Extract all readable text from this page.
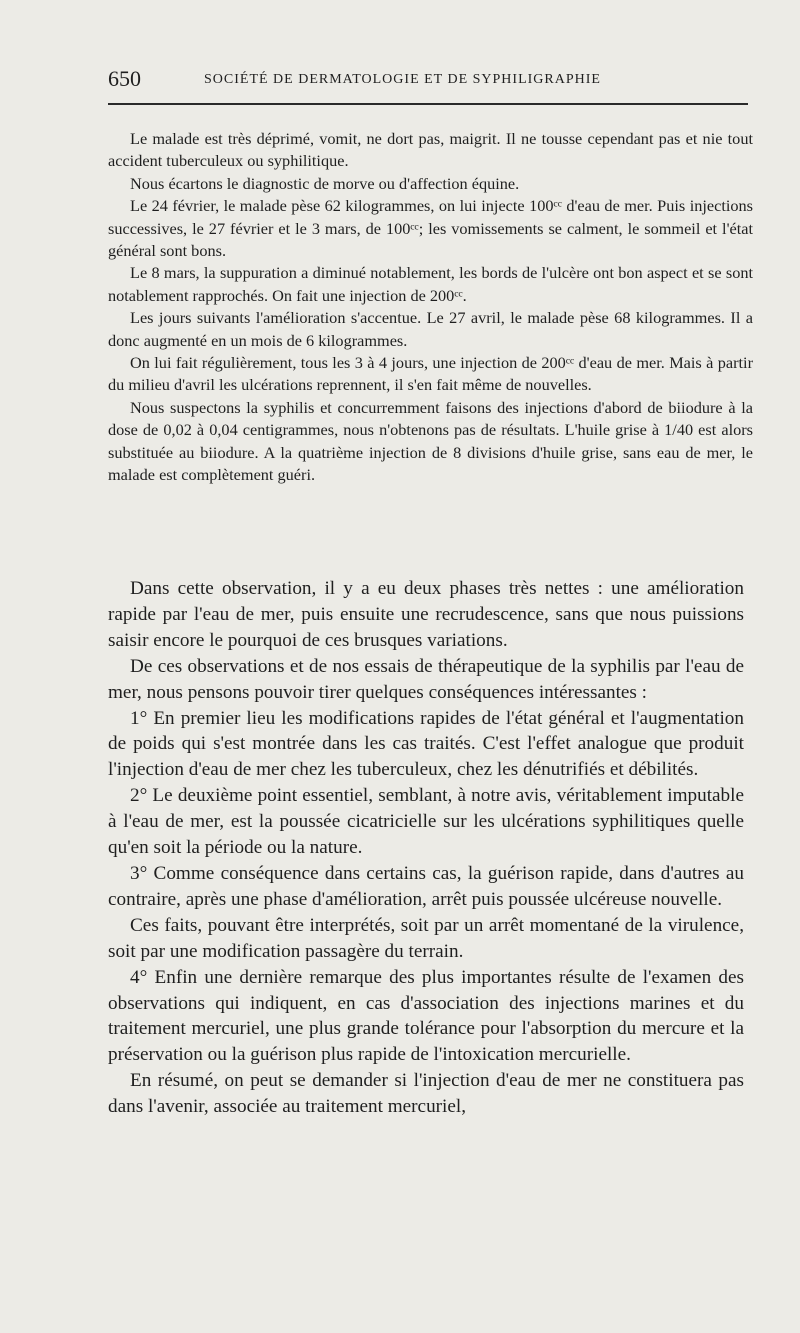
650	SOCIÉTÉ DE DERMATOLOGIE ET DE SYPHILIGRAPHIE

Le malade est très déprimé, vomit, ne dort pas, maigrit. Il ne tousse cependant pas et nie tout accident tuberculeux ou syphilitique.

Nous écartons le diagnostic de morve ou d'affection équine.

Le 24 février, le malade pèse 62 kilogrammes, on lui injecte 100ᶜᶜ d'eau de mer. Puis injections successives, le 27 février et le 3 mars, de 100ᶜᶜ; les vomissements se calment, le sommeil et l'état général sont bons.

Le 8 mars, la suppuration a diminué notablement, les bords de l'ulcère ont bon aspect et se sont notablement rapprochés. On fait une injection de 200ᶜᶜ.

Les jours suivants l'amélioration s'accentue. Le 27 avril, le malade pèse 68 kilogrammes. Il a donc augmenté en un mois de 6 kilogrammes.

On lui fait régulièrement, tous les 3 à 4 jours, une injection de 200ᶜᶜ d'eau de mer. Mais à partir du milieu d'avril les ulcérations reprennent, il s'en fait même de nouvelles.

Nous suspectons la syphilis et concurremment faisons des injections d'abord de biiodure à la dose de 0,02 à 0,04 centigrammes, nous n'obtenons pas de résultats. L'huile grise à 1/40 est alors substituée au biiodure. A la quatrième injection de 8 divisions d'huile grise, sans eau de mer, le malade est complètement guéri.

Dans cette observation, il y a eu deux phases très nettes : une amélioration rapide par l'eau de mer, puis ensuite une recrudescence, sans que nous puissions saisir encore le pourquoi de ces brusques variations.

De ces observations et de nos essais de thérapeutique de la syphilis par l'eau de mer, nous pensons pouvoir tirer quelques conséquences intéressantes :

1° En premier lieu les modifications rapides de l'état général et l'augmentation de poids qui s'est montrée dans les cas traités. C'est l'effet analogue que produit l'injection d'eau de mer chez les tuberculeux, chez les dénutrifiés et débilités.

2° Le deuxième point essentiel, semblant, à notre avis, véritablement imputable à l'eau de mer, est la poussée cicatricielle sur les ulcérations syphilitiques quelle qu'en soit la période ou la nature.

3° Comme conséquence dans certains cas, la guérison rapide, dans d'autres au contraire, après une phase d'amélioration, arrêt puis poussée ulcéreuse nouvelle.

Ces faits, pouvant être interprétés, soit par un arrêt momentané de la virulence, soit par une modification passagère du terrain.

4° Enfin une dernière remarque des plus importantes résulte de l'examen des observations qui indiquent, en cas d'association des injections marines et du traitement mercuriel, une plus grande tolérance pour l'absorption du mercure et la préservation ou la guérison plus rapide de l'intoxication mercurielle.

En résumé, on peut se demander si l'injection d'eau de mer ne constituera pas dans l'avenir, associée au traitement mercuriel,
